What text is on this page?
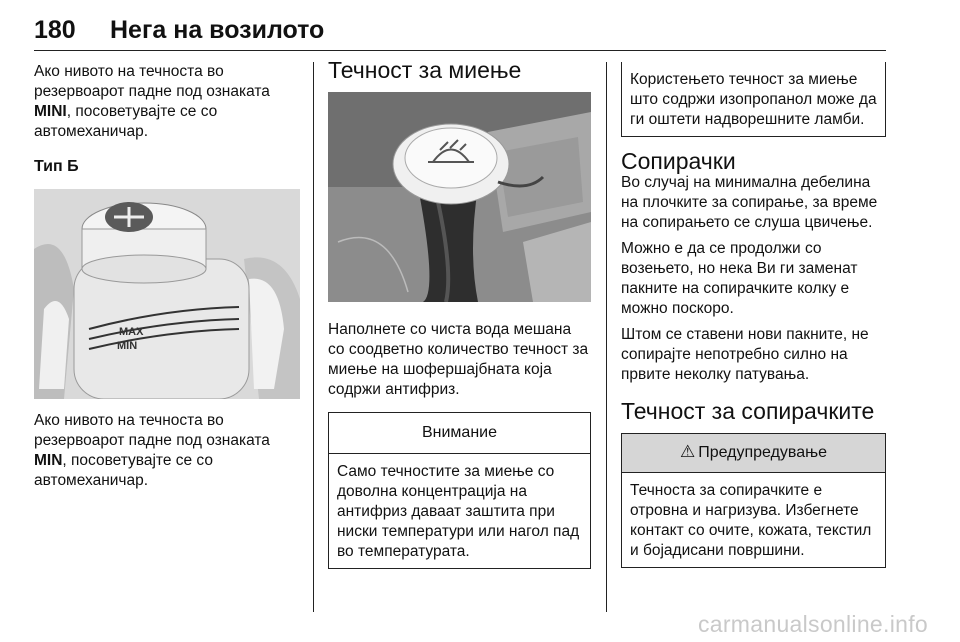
180 Нега на возилото

Ако нивото на течноста во резервоарот падне под ознаката MINI, посоветувајте се со автомеханичар.

Тип Б

MAX
MIN

Ако нивото на течноста во резервоарот падне под ознаката MIN, посоветувајте се со автомеханичар.

Течност за миење

Наполнете со чиста вода мешана со соодветно количество течност за миење на шофершајбната која содржи антифриз.

Внимание
Само течностите за миење со доволна концентрација на антифриз даваат заштита при ниски температури или нагол пад во температурата.

Користењето течност за миење што содржи изопропанол може да ги оштети надворешните ламби.

Сопирачки

Во случај на минимална дебелина на плочките за сопирање, за време на сопирањето се слуша цвичење.

Можно е да се продолжи со возењето, но нека Ви ги заменат пакните на сопирачките колку е можно поскоро.

Штом се ставени нови пакните, не сопирајте непотребно силно на првите неколку патувања.

Течност за сопирачките

⚠ Предупредување
Течноста за сопирачките е отровна и нагризува. Избегнете контакт со очите, кожата, текстил и бојадисани површини.
carmanualsonline.info
